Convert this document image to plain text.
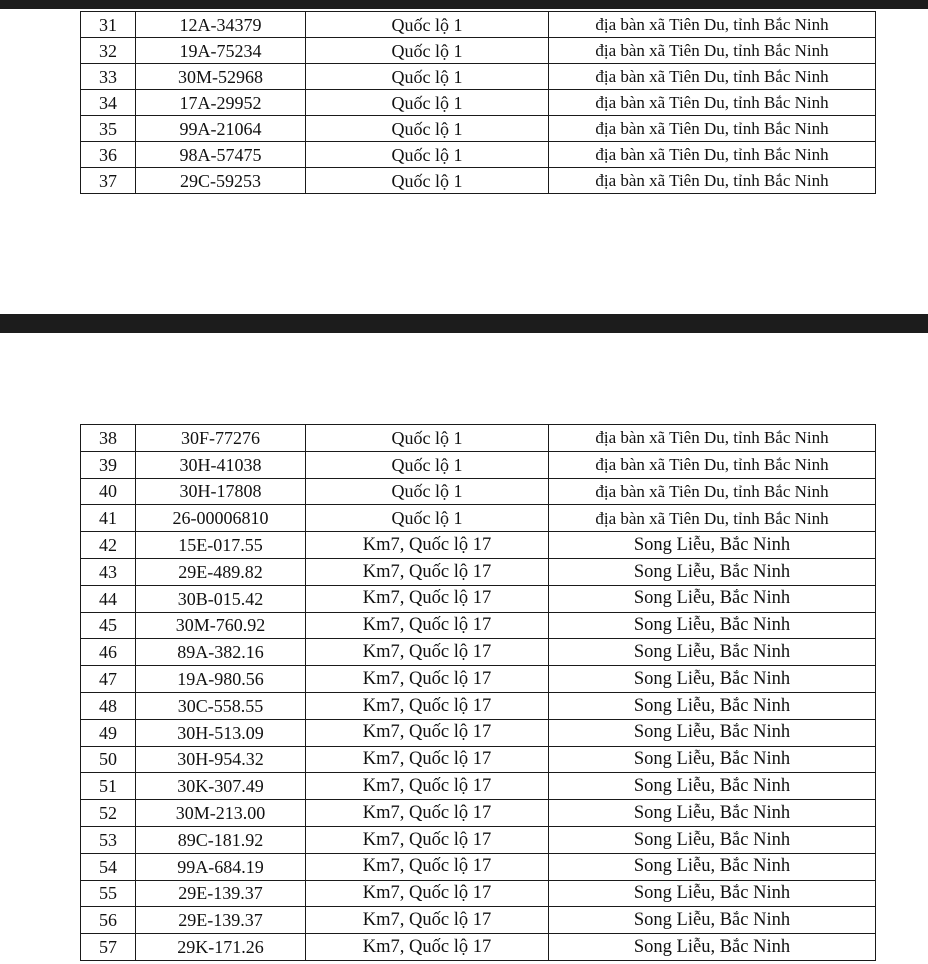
31	12A-34379	Quốc lộ 1	địa bàn xã Tiên Du, tỉnh Bắc Ninh
32	19A-75234	Quốc lộ 1	địa bàn xã Tiên Du, tỉnh Bắc Ninh
33	30M-52968	Quốc lộ 1	địa bàn xã Tiên Du, tỉnh Bắc Ninh
34	17A-29952	Quốc lộ 1	địa bàn xã Tiên Du, tỉnh Bắc Ninh
35	99A-21064	Quốc lộ 1	địa bàn xã Tiên Du, tỉnh Bắc Ninh
36	98A-57475	Quốc lộ 1	địa bàn xã Tiên Du, tỉnh Bắc Ninh
37	29C-59253	Quốc lộ 1	địa bàn xã Tiên Du, tỉnh Bắc Ninh
38	30F-77276	Quốc lộ 1	địa bàn xã Tiên Du, tỉnh Bắc Ninh
39	30H-41038	Quốc lộ 1	địa bàn xã Tiên Du, tỉnh Bắc Ninh
40	30H-17808	Quốc lộ 1	địa bàn xã Tiên Du, tỉnh Bắc Ninh
41	26-00006810	Quốc lộ 1	địa bàn xã Tiên Du, tỉnh Bắc Ninh
42	15E-017.55	Km7, Quốc lộ 17	Song Liễu, Bắc Ninh
43	29E-489.82	Km7, Quốc lộ 17	Song Liễu, Bắc Ninh
44	30B-015.42	Km7, Quốc lộ 17	Song Liễu, Bắc Ninh
45	30M-760.92	Km7, Quốc lộ 17	Song Liễu, Bắc Ninh
46	89A-382.16	Km7, Quốc lộ 17	Song Liễu, Bắc Ninh
47	19A-980.56	Km7, Quốc lộ 17	Song Liễu, Bắc Ninh
48	30C-558.55	Km7, Quốc lộ 17	Song Liễu, Bắc Ninh
49	30H-513.09	Km7, Quốc lộ 17	Song Liễu, Bắc Ninh
50	30H-954.32	Km7, Quốc lộ 17	Song Liễu, Bắc Ninh
51	30K-307.49	Km7, Quốc lộ 17	Song Liễu, Bắc Ninh
52	30M-213.00	Km7, Quốc lộ 17	Song Liễu, Bắc Ninh
53	89C-181.92	Km7, Quốc lộ 17	Song Liễu, Bắc Ninh
54	99A-684.19	Km7, Quốc lộ 17	Song Liễu, Bắc Ninh
55	29E-139.37	Km7, Quốc lộ 17	Song Liễu, Bắc Ninh
56	29E-139.37	Km7, Quốc lộ 17	Song Liễu, Bắc Ninh
57	29K-171.26	Km7, Quốc lộ 17	Song Liễu, Bắc Ninh
